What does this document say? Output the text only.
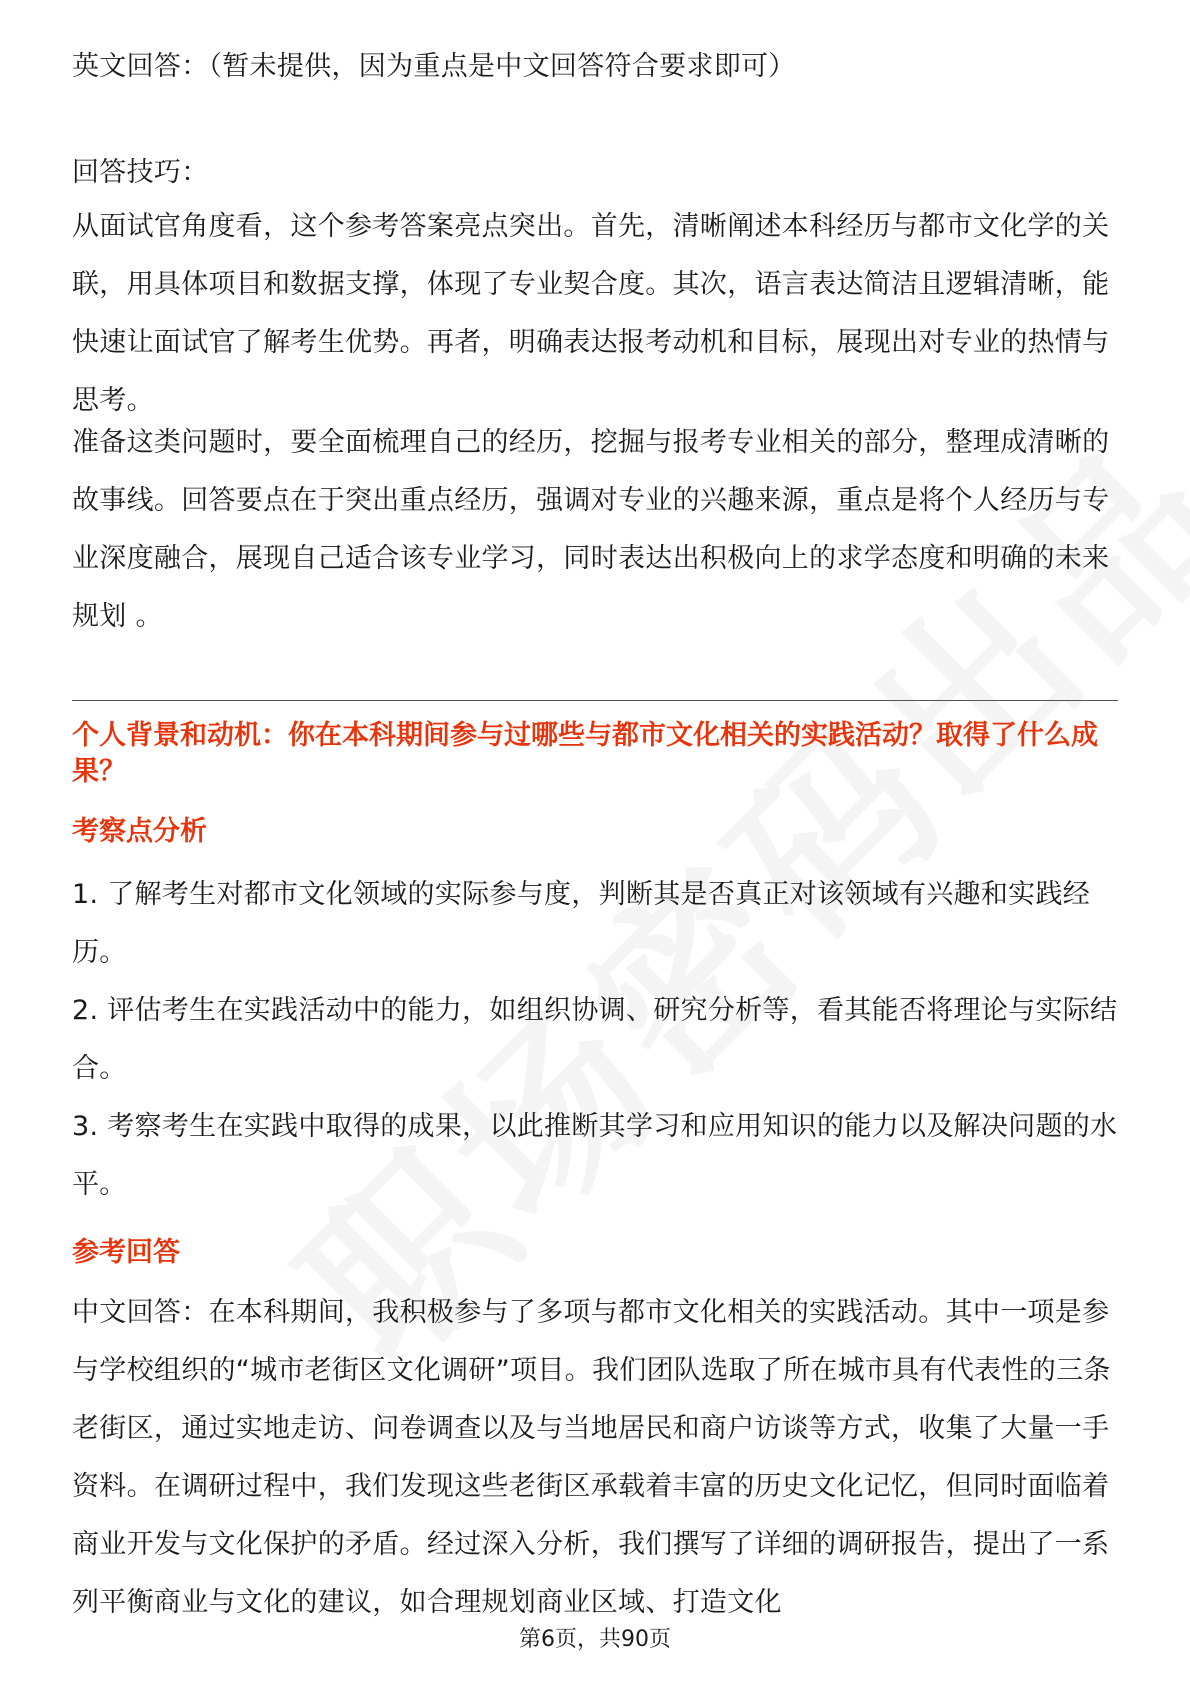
英文回答：（暂未提供，因为重点是中文回答符合要求即可）

回答技巧：

从面试官角度看，这个参考答案亮点突出。首先，清晰阐述本科经历与都市文化学的关联，用具体项目和数据支撑，体现了专业契合度。其次，语言表达简洁且逻辑清晰，能快速让面试官了解考生优势。再者，明确表达报考动机和目标，展现出对专业的热情与思考。

准备这类问题时，要全面梳理自己的经历，挖掘与报考专业相关的部分，整理成清晰的故事线。回答要点在于突出重点经历，强调对专业的兴趣来源，重点是将个人经历与专业深度融合，展现自己适合该专业学习，同时表达出积极向上的求学态度和明确的未来规划 。

个人背景和动机：你在本科期间参与过哪些与都市文化相关的实践活动？取得了什么成果？
考察点分析

1. 了解考生对都市文化领域的实际参与度，判断其是否真正对该领域有兴趣和实践经历。

2. 评估考生在实践活动中的能力，如组织协调、研究分析等，看其能否将理论与实际结合。

3. 考察考生在实践中取得的成果，以此推断其学习和应用知识的能力以及解决问题的水平。

参考回答

中文回答：在本科期间，我积极参与了多项与都市文化相关的实践活动。其中一项是参与学校组织的“城市老街区文化调研”项目。我们团队选取了所在城市具有代表性的三条老街区，通过实地走访、问卷调查以及与当地居民和商户访谈等方式，收集了大量一手资料。在调研过程中，我们发现这些老街区承载着丰富的历史文化记忆，但同时面临着商业开发与文化保护的矛盾。经过深入分析，我们撰写了详细的调研报告，提出了一系列平衡商业与文化的建议，如合理规划商业区域、打造文化

第6页，共90页
